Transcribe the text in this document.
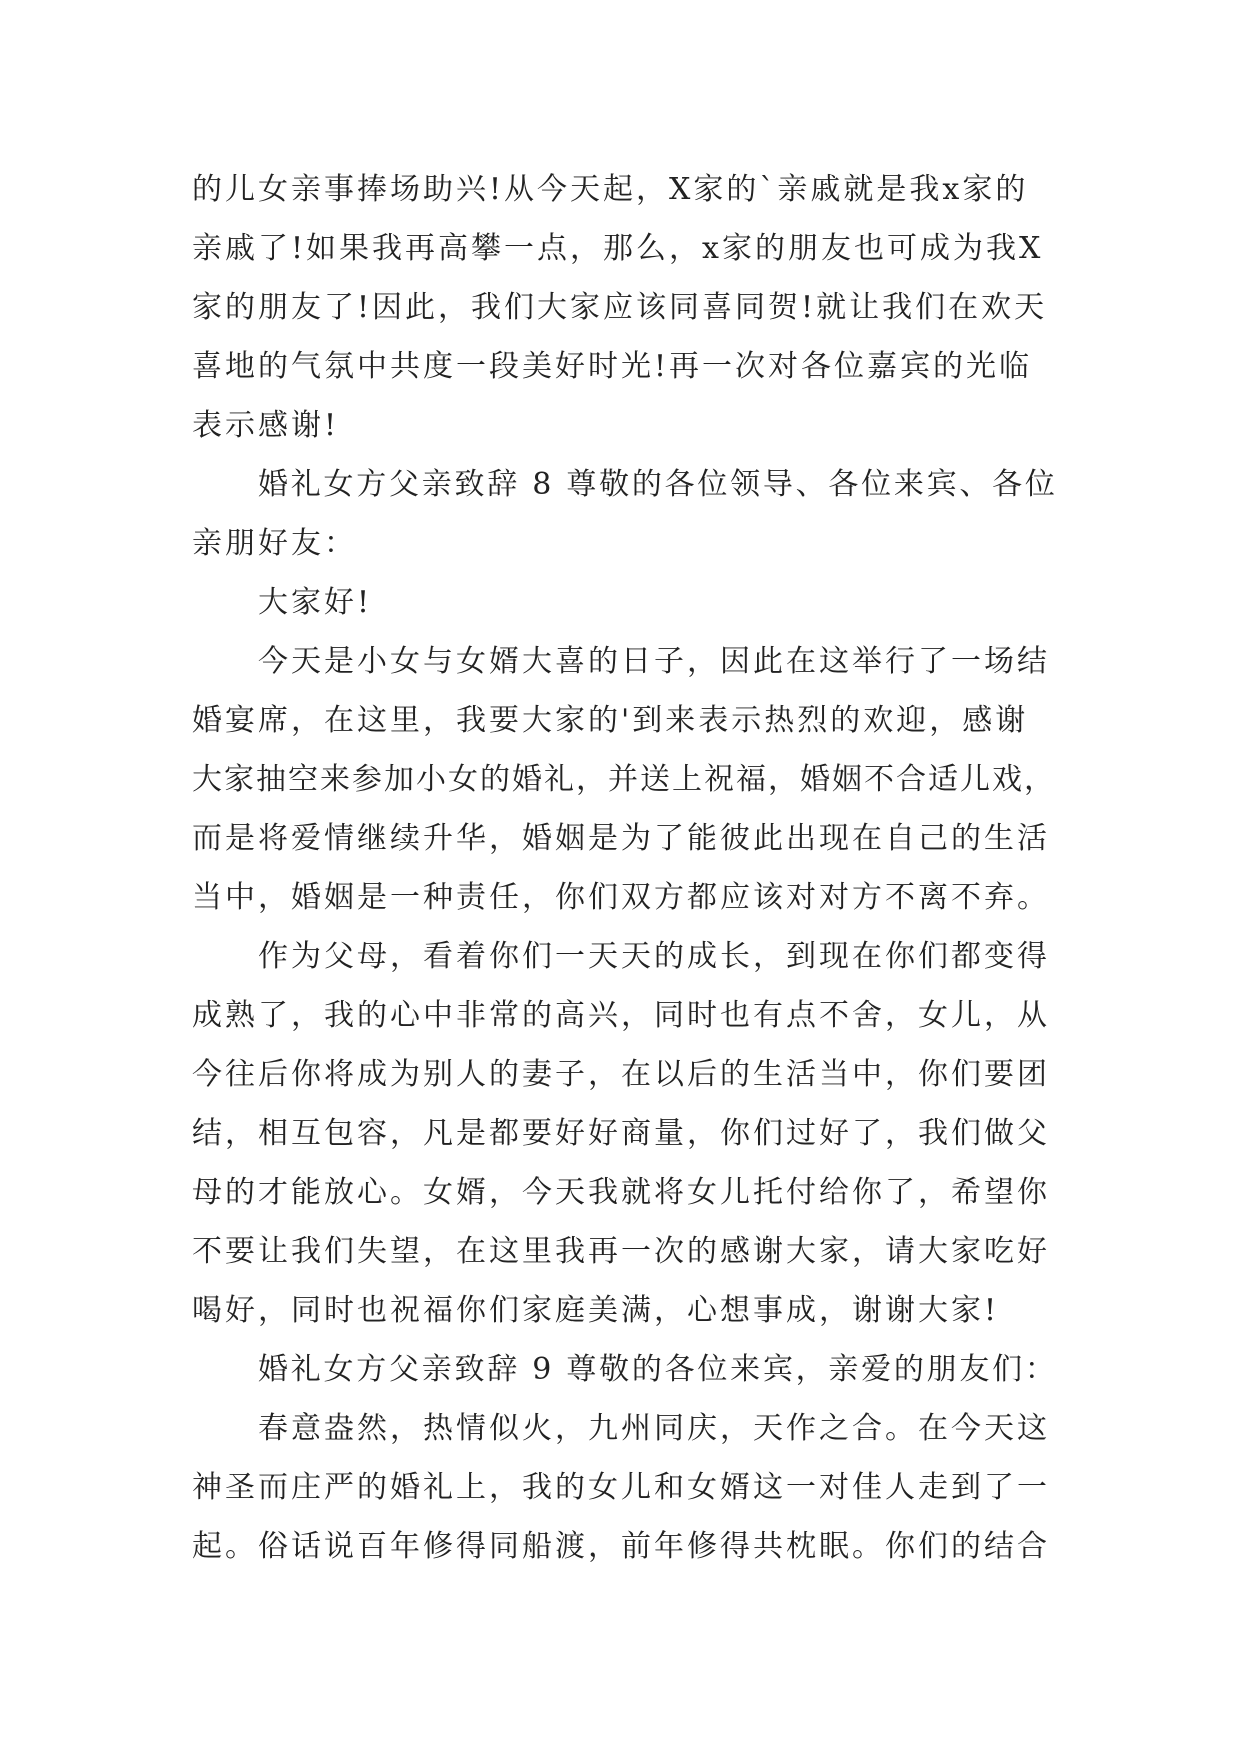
的儿女亲事捧场助兴!从今天起，X家的`亲戚就是我x家的
亲戚了!如果我再高攀一点，那么，x家的朋友也可成为我X
家的朋友了!因此，我们大家应该同喜同贺!就让我们在欢天
喜地的气氛中共度一段美好时光!再一次对各位嘉宾的光临
表示感谢!
婚礼女方父亲致辞 8 尊敬的各位领导、各位来宾、各位
亲朋好友：
大家好!
今天是小女与女婿大喜的日子，因此在这举行了一场结
婚宴席，在这里，我要大家的'到来表示热烈的欢迎，感谢
大家抽空来参加小女的婚礼，并送上祝福，婚姻不合适儿戏，
而是将爱情继续升华，婚姻是为了能彼此出现在自己的生活
当中，婚姻是一种责任，你们双方都应该对对方不离不弃。
作为父母，看着你们一天天的成长，到现在你们都变得
成熟了，我的心中非常的高兴，同时也有点不舍，女儿，从
今往后你将成为别人的妻子，在以后的生活当中，你们要团
结，相互包容，凡是都要好好商量，你们过好了，我们做父
母的才能放心。女婿，今天我就将女儿托付给你了，希望你
不要让我们失望，在这里我再一次的感谢大家，请大家吃好
喝好，同时也祝福你们家庭美满，心想事成，谢谢大家!
婚礼女方父亲致辞 9 尊敬的各位来宾，亲爱的朋友们：
春意盎然，热情似火，九州同庆，天作之合。在今天这
神圣而庄严的婚礼上，我的女儿和女婿这一对佳人走到了一
起。俗话说百年修得同船渡，前年修得共枕眠。你们的结合
